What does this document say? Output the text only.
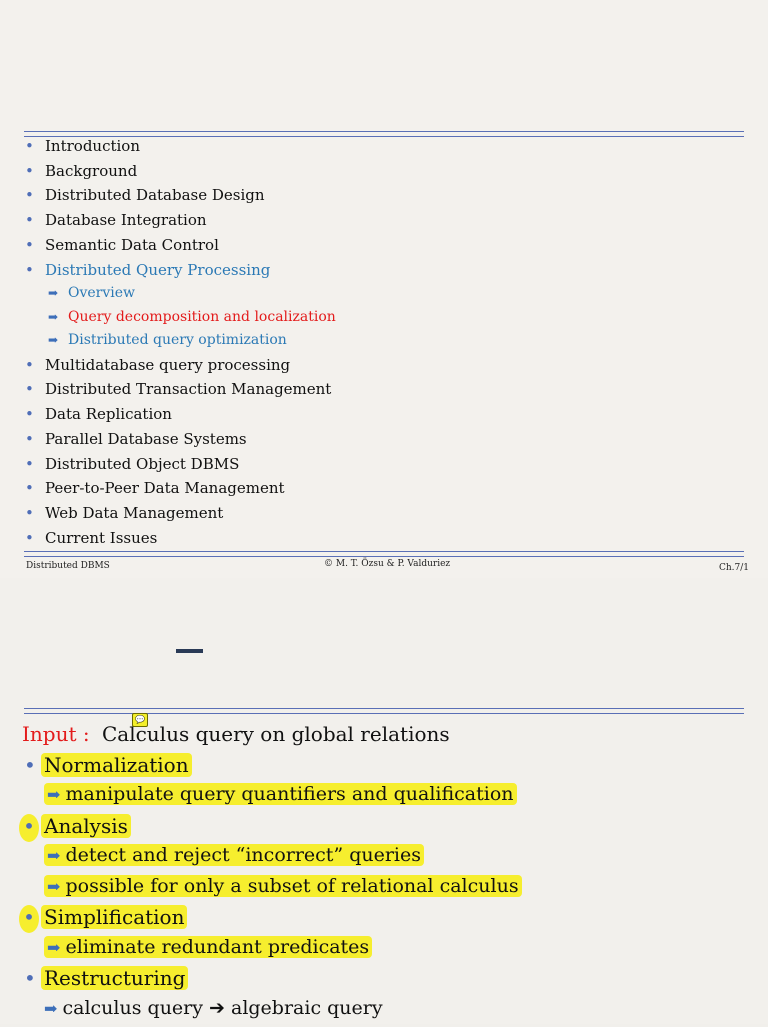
• Introduction
• Background
• Distributed Database Design
• Database Integration
• Semantic Data Control
• Distributed Query Processing
➡ Overview
➡ Query decomposition and localization
➡ Distributed query optimization
• Multidatabase query processing
• Distributed Transaction Management
• Data Replication
• Parallel Database Systems
• Distributed Object DBMS
• Peer-to-Peer Data Management
• Web Data Management
• Current Issues
Distributed DBMS	© M. T. Özsu & P. Valduriez	Ch.7/1
💬
Input : Calculus query on global relations
• Normalization
➡ manipulate query quantifiers and qualification
• Analysis
➡ detect and reject “incorrect” queries
➡ possible for only a subset of relational calculus
• Simplification
➡ eliminate redundant predicates
• Restructuring
➡ calculus query ➔ algebraic query
